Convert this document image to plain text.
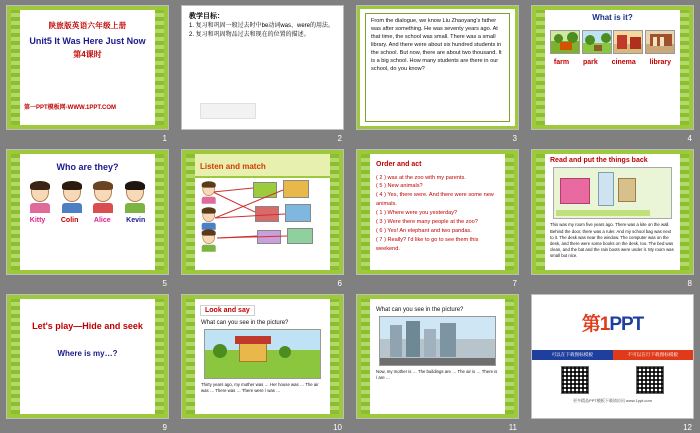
陕旅版英语六年级上册
Unit5 It Was Here Just Now
第4课时
第一PPT模板网-WWW.1PPT.COM
1
教学目标：
1. 复习和巩固一般过去时中be动词was、were的用法。
2. 复习和巩固物品过去和现在的位置的描述。
2
From the dialogue, we know Liu Zhaoyang's father was after something. He was seventy years ago. At that time, the school was small. There was a small library. And there were about six hundred students in the school. But now, there are about two thousand. It is a big school. How many students are there in our school, do you know?
3
What is it?
farm park cinema library
4
Who are they?
Kitty Colin Alice Kevin
5
Listen and match
6
Order and act
( 2 ) was at the zoo with my parents.
( 5 ) New animals?
( 4 ) Yes, there were. And there were some new animals.
( 1 ) Where were you yesterday?
( 3 ) Were there many people at the zoo?
( 6 ) Yes! An elephant and two pandas.
( 7 ) Really? I'd like to go to see them this weekend.
7
Read and put the things back
This was my room five years ago. There was a kite on the wall. Behind the door, there was a ruler. And my school bag was next to it. The desk was near the window. The computer was on the desk, and there were some books on the desk, too. The bed was clean, and the bat and the rain boots were under it. My room was small but nice.
8
Let's play—Hide and seek
Where is my…?
9
Look and say
What can you see in the picture?
Thirty years ago, my mother was … Her house was … The air was … There was … There were / was …
10
What can you see in the picture?
Now, my mother is … The buildings are … The air is … There is / are …
11
第1PPT
可以在下载图标模板	不可以在行下载图标模板
更多精品PPT模板下载请访问 www.1ppt.com
12
